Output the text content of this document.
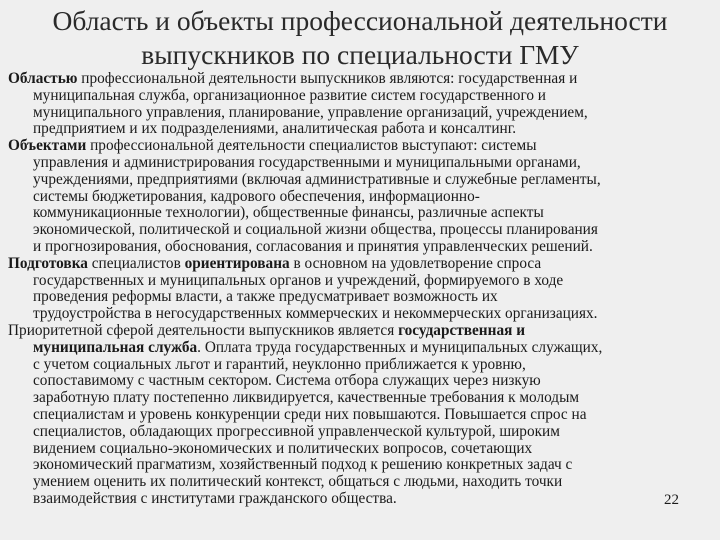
Область и объекты профессиональной деятельности
выпускников по специальности ГМУ
Областью профессиональной деятельности выпускников являются: государственная и
муниципальная служба, организационное развитие систем государственного и
муниципального управления, планирование, управление организаций, учреждением,
предприятием и их подразделениями, аналитическая работа и консалтинг.
Объектами профессиональной деятельности специалистов выступают: системы
управления и администрирования государственными и муниципальными органами,
учреждениями, предприятиями (включая административные и служебные регламенты,
системы бюджетирования, кадрового обеспечения, информационно-
коммуникационные технологии), общественные финансы, различные аспекты
экономической, политической и социальной жизни общества, процессы планирования
и прогнозирования, обоснования, согласования и принятия управленческих решений.
Подготовка специалистов ориентирована в основном на удовлетворение спроса
государственных и муниципальных органов и учреждений, формируемого в ходе
проведения реформы власти, а также предусматривает возможность их
трудоустройства в негосударственных коммерческих и некоммерческих организациях.
Приоритетной сферой деятельности выпускников является государственная и
муниципальная служба. Оплата труда государственных и муниципальных служащих,
с учетом социальных льгот и гарантий, неуклонно приближается к уровню,
сопоставимому с частным сектором. Система отбора служащих через низкую
заработную плату постепенно ликвидируется, качественные требования к молодым
специалистам и уровень конкуренции среди них повышаются. Повышается спрос на
специалистов, обладающих прогрессивной управленческой культурой, широким
видением социально-экономических и политических вопросов, сочетающих
экономический прагматизм, хозяйственный подход к решению конкретных задач с
умением оценить их политический контекст, общаться с людьми, находить точки
взаимодействия с институтами гражданского общества.	22
